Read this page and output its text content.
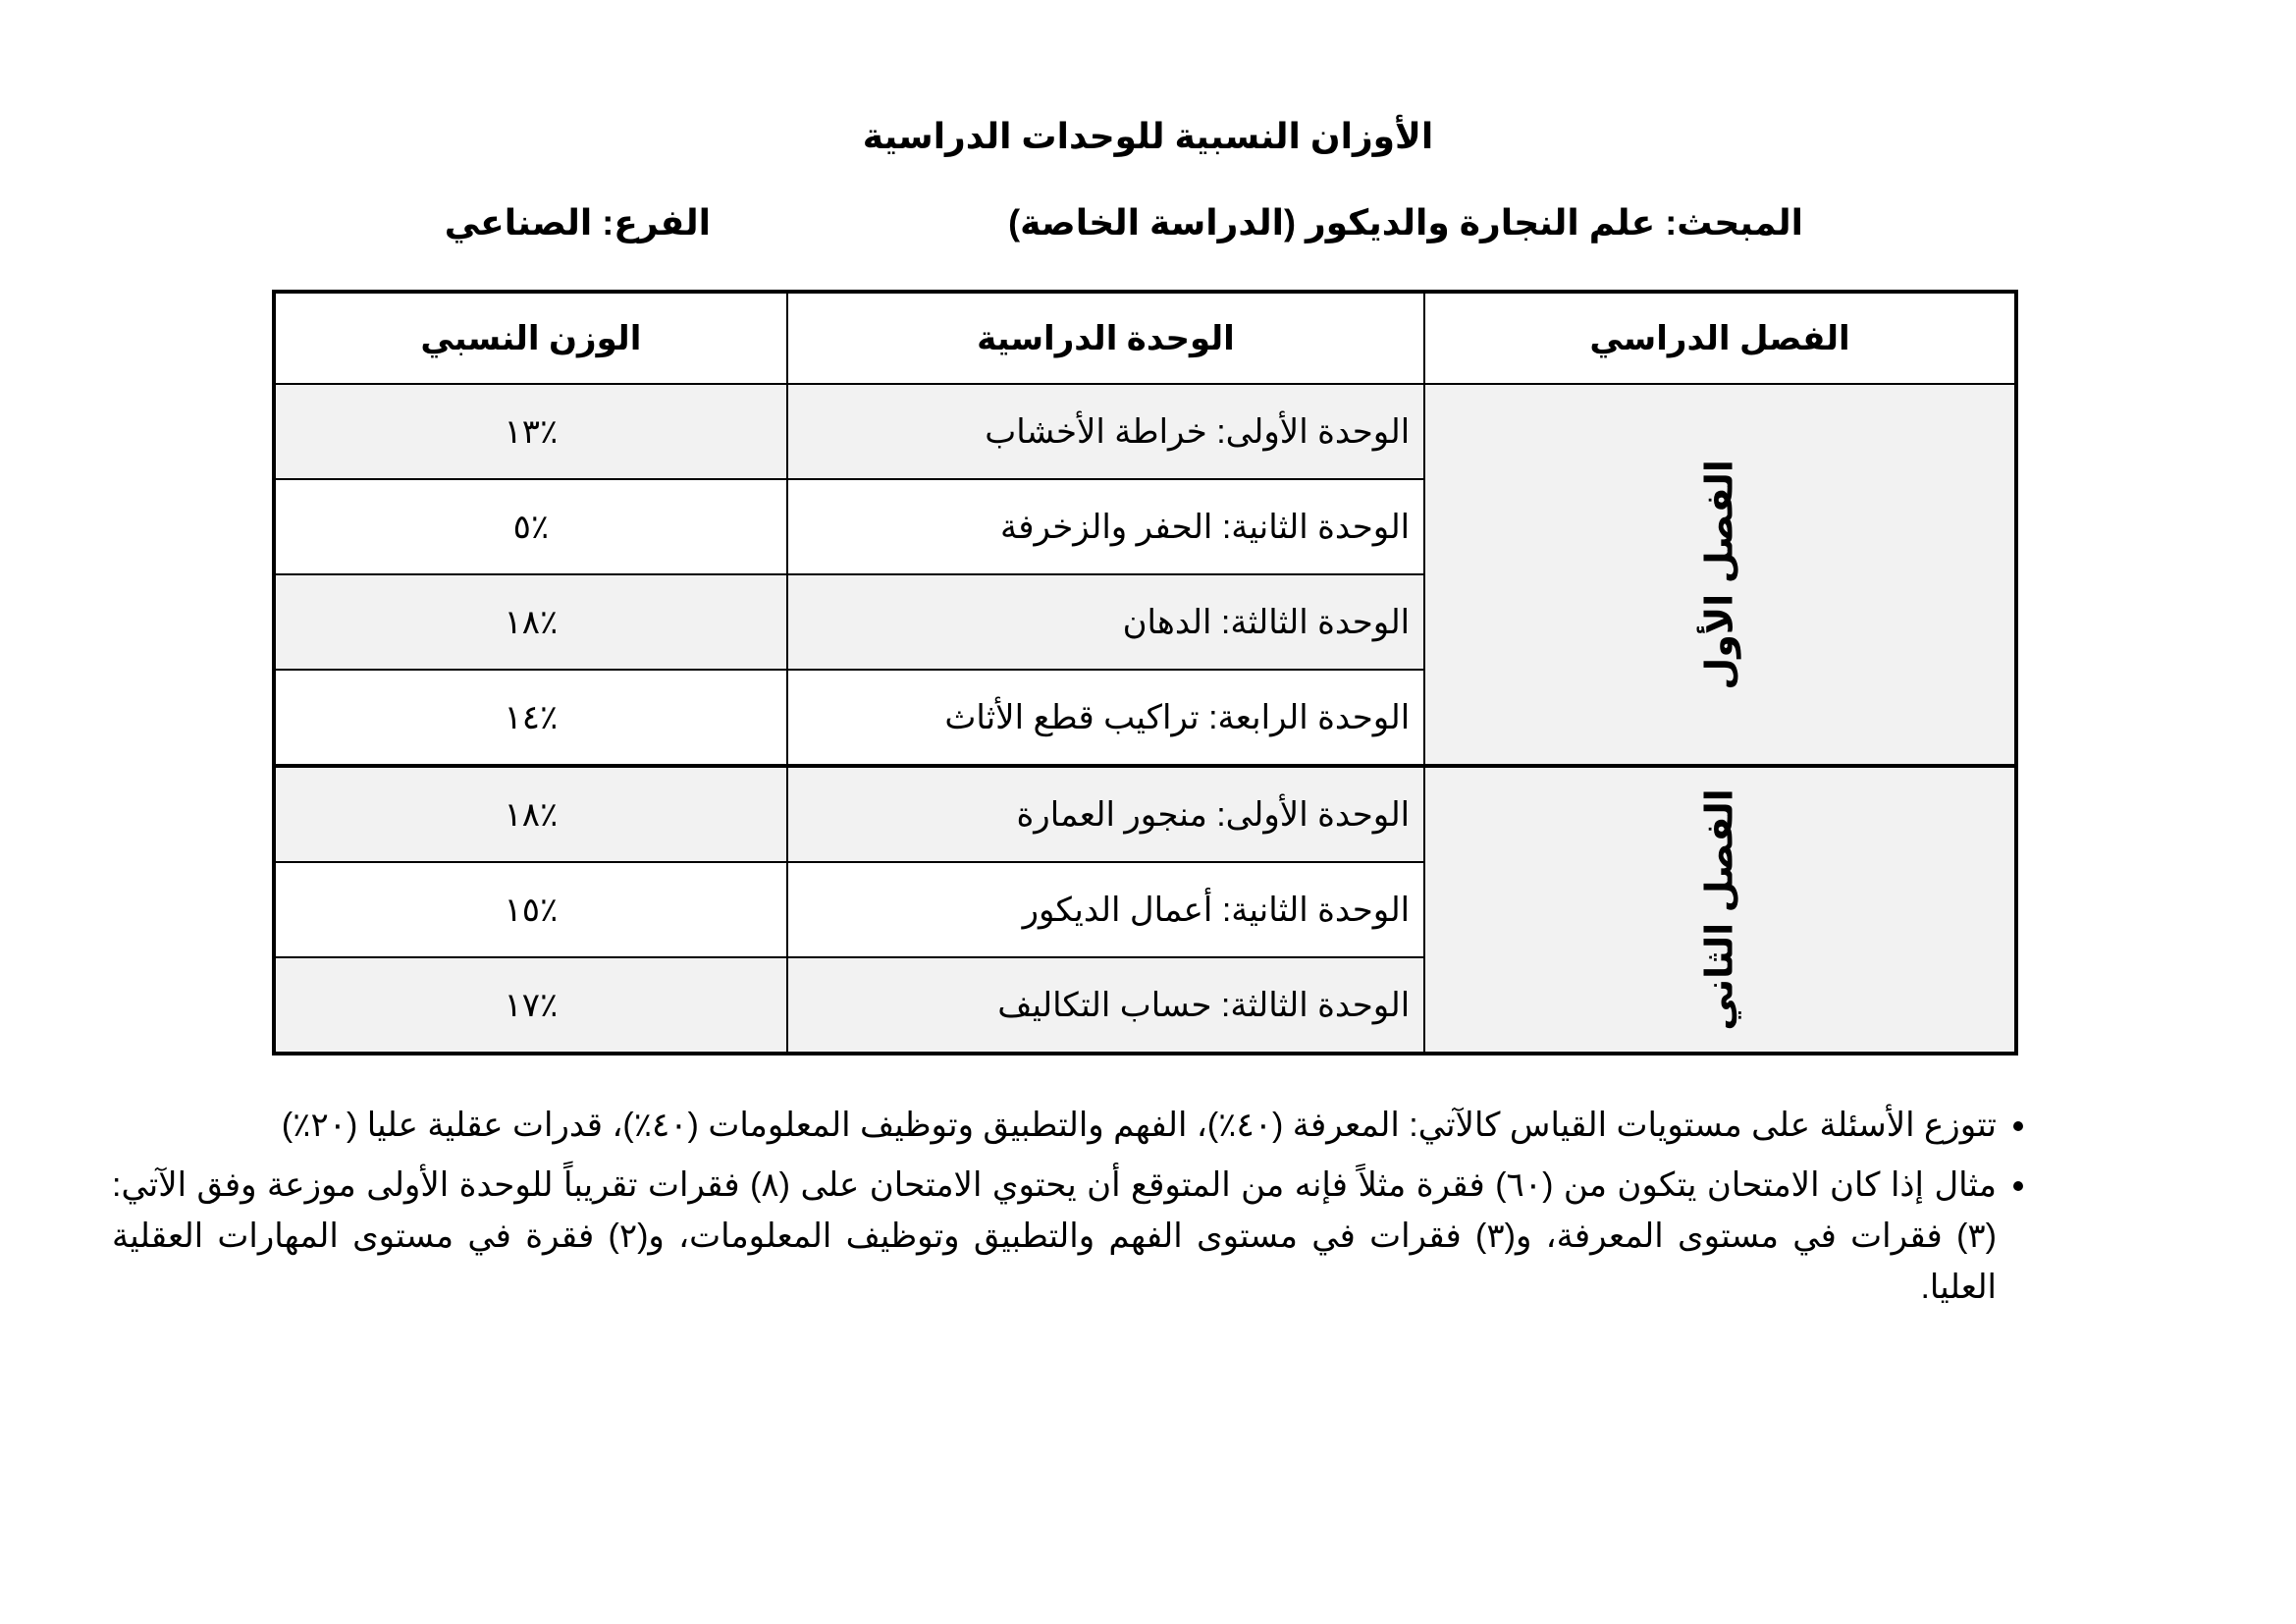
الأوزان النسبية للوحدات الدراسية
المبحث: علم النجارة والديكور (الدراسة الخاصة)
الفرع: الصناعي
الفصل الدراسي	الوحدة الدراسية	الوزن النسبي
الفصل الأول	الوحدة الأولى: خراطة الأخشاب	٪١٣
	الوحدة الثانية: الحفر والزخرفة	٪٥
	الوحدة الثالثة: الدهان	٪١٨
	الوحدة الرابعة: تراكيب قطع الأثاث	٪١٤
الفصل الثاني	الوحدة الأولى: منجور العمارة	٪١٨
	الوحدة الثانية: أعمال الديكور	٪١٥
	الوحدة الثالثة: حساب التكاليف	٪١٧
• تتوزع الأسئلة على مستويات القياس كالآتي: المعرفة (٤٠٪)، الفهم والتطبيق وتوظيف المعلومات (٤٠٪)، قدرات عقلية عليا (٢٠٪)
• مثال إذا كان الامتحان يتكون من (٦٠) فقرة مثلاً فإنه من المتوقع أن يحتوي الامتحان على (٨) فقرات تقريباً للوحدة الأولى موزعة وفق الآتي: (٣) فقرات في مستوى المعرفة، و(٣) فقرات في مستوى الفهم والتطبيق وتوظيف المعلومات، و(٢) فقرة في مستوى المهارات العقلية العليا.
